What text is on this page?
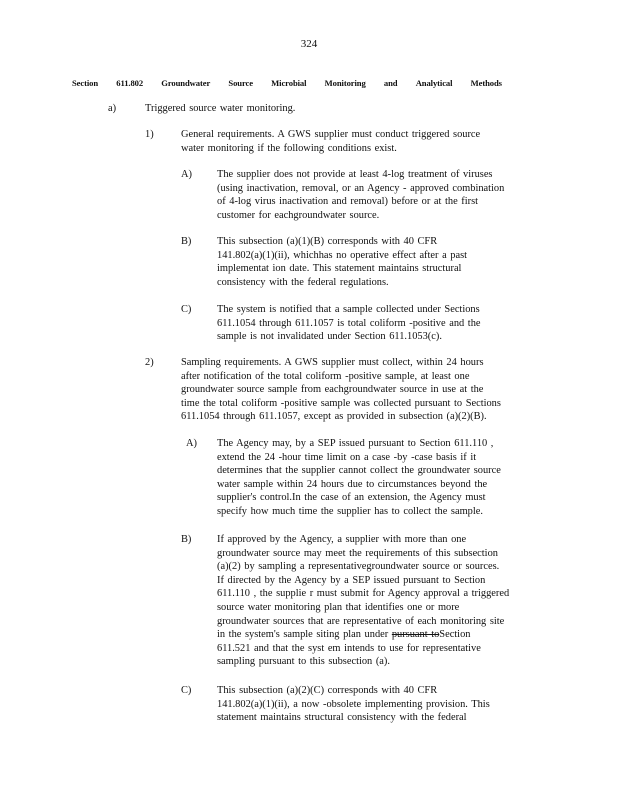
324
Section 611.802 Groundwater Source Microbial Monitoring and Analytical Methods
a)	Triggered source water monitoring.
1)	General requirements. A GWS supplier must conduct triggered source
water monitoring if the following conditions exist.
A) The supplier does not provide at least 4-log treatment of viruses
(using inactivation, removal, or an Agency - approved combination
of 4-log virus inactivation and removal) before or at the first
customer for eachgroundwater source.
B) This subsection (a)(1)(B) corresponds with 40 CFR
141.802(a)(1)(ii), whichhas no operative effect after a past
implementat ion date. This statement maintains structural
consistency with the federal regulations.
C) The system is notified that a sample collected under Sections
611.1054 through 611.1057 is total coliform -positive and the
sample is not invalidated under Section 611.1053(c).
2)	Sampling requirements. A GWS supplier must collect, within 24 hours
after notification of the total coliform -positive sample, at least one
groundwater source sample from eachgroundwater source in use at the
time the total coliform -positive sample was collected pursuant to Sections
611.1054 through 611.1057, except as provided in subsection (a)(2)(B).
A) The Agency may, by a SEP issued pursuant to Section 611.110 ,
extend the 24 -hour time limit on a case -by -case basis if it
determines that the supplier cannot collect the groundwater source
water sample within 24 hours due to circumstances beyond the
supplier's control.In the case of an extension, the Agency must
specify how much time the supplier has to collect the sample.
B) If approved by the Agency, a supplier with more than one
groundwater source may meet the requirements of this subsection
(a)(2) by sampling a representativegroundwater source or sources.
If directed by the Agency by a SEP issued pursuant to Section
611.110 , the supplie r must submit for Agency approval a triggered
source water monitoring plan that identifies one or more
groundwater sources that are representative of each monitoring site
in the system's sample siting plan under pursuant toSection
611.521 and that the syst em intends to use for representative
sampling pursuant to this subsection (a).
C) This subsection (a)(2)(C) corresponds with 40 CFR
141.802(a)(1)(ii), a now -obsolete implementing provision. This
statement maintains structural consistency with the federal
